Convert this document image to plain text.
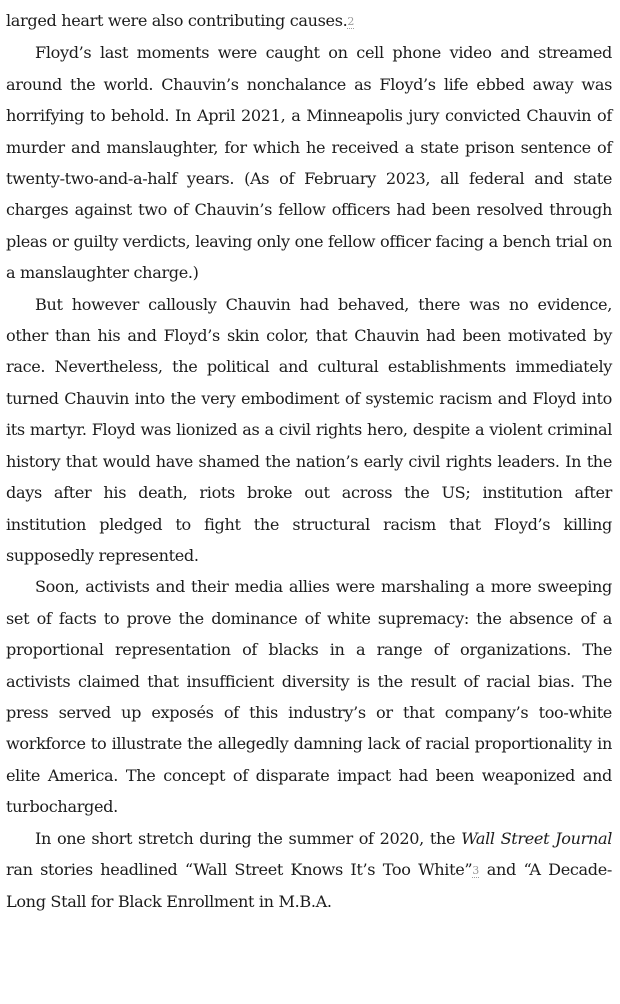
larged heart were also contributing causes.2

Floyd’s last moments were caught on cell phone video and streamed around the world. Chauvin’s nonchalance as Floyd’s life ebbed away was horrifying to behold. In April 2021, a Minneapolis jury convicted Chauvin of murder and manslaughter, for which he received a state prison sentence of twenty-two-and-a-half years. (As of February 2023, all federal and state charges against two of Chauvin’s fellow officers had been resolved through pleas or guilty verdicts, leaving only one fellow officer facing a bench trial on a manslaughter charge.)

But however callously Chauvin had behaved, there was no evidence, other than his and Floyd’s skin color, that Chauvin had been motivated by race. Nevertheless, the political and cultural establishments immediately turned Chauvin into the very embodiment of systemic racism and Floyd into its martyr. Floyd was lionized as a civil rights hero, despite a violent criminal history that would have shamed the nation’s early civil rights leaders. In the days after his death, riots broke out across the US; institution after institution pledged to fight the structural racism that Floyd’s killing supposedly represented.

Soon, activists and their media allies were marshaling a more sweeping set of facts to prove the dominance of white supremacy: the absence of a proportional representation of blacks in a range of organizations. The activists claimed that insufficient diversity is the result of racial bias. The press served up exposés of this industry’s or that company’s too-white workforce to illustrate the allegedly damning lack of racial proportionality in elite America. The concept of disparate impact had been weaponized and turbocharged.

In one short stretch during the summer of 2020, the Wall Street Journal ran stories headlined “Wall Street Knows It’s Too White”3 and “A Decade-Long Stall for Black Enrollment in M.B.A.
